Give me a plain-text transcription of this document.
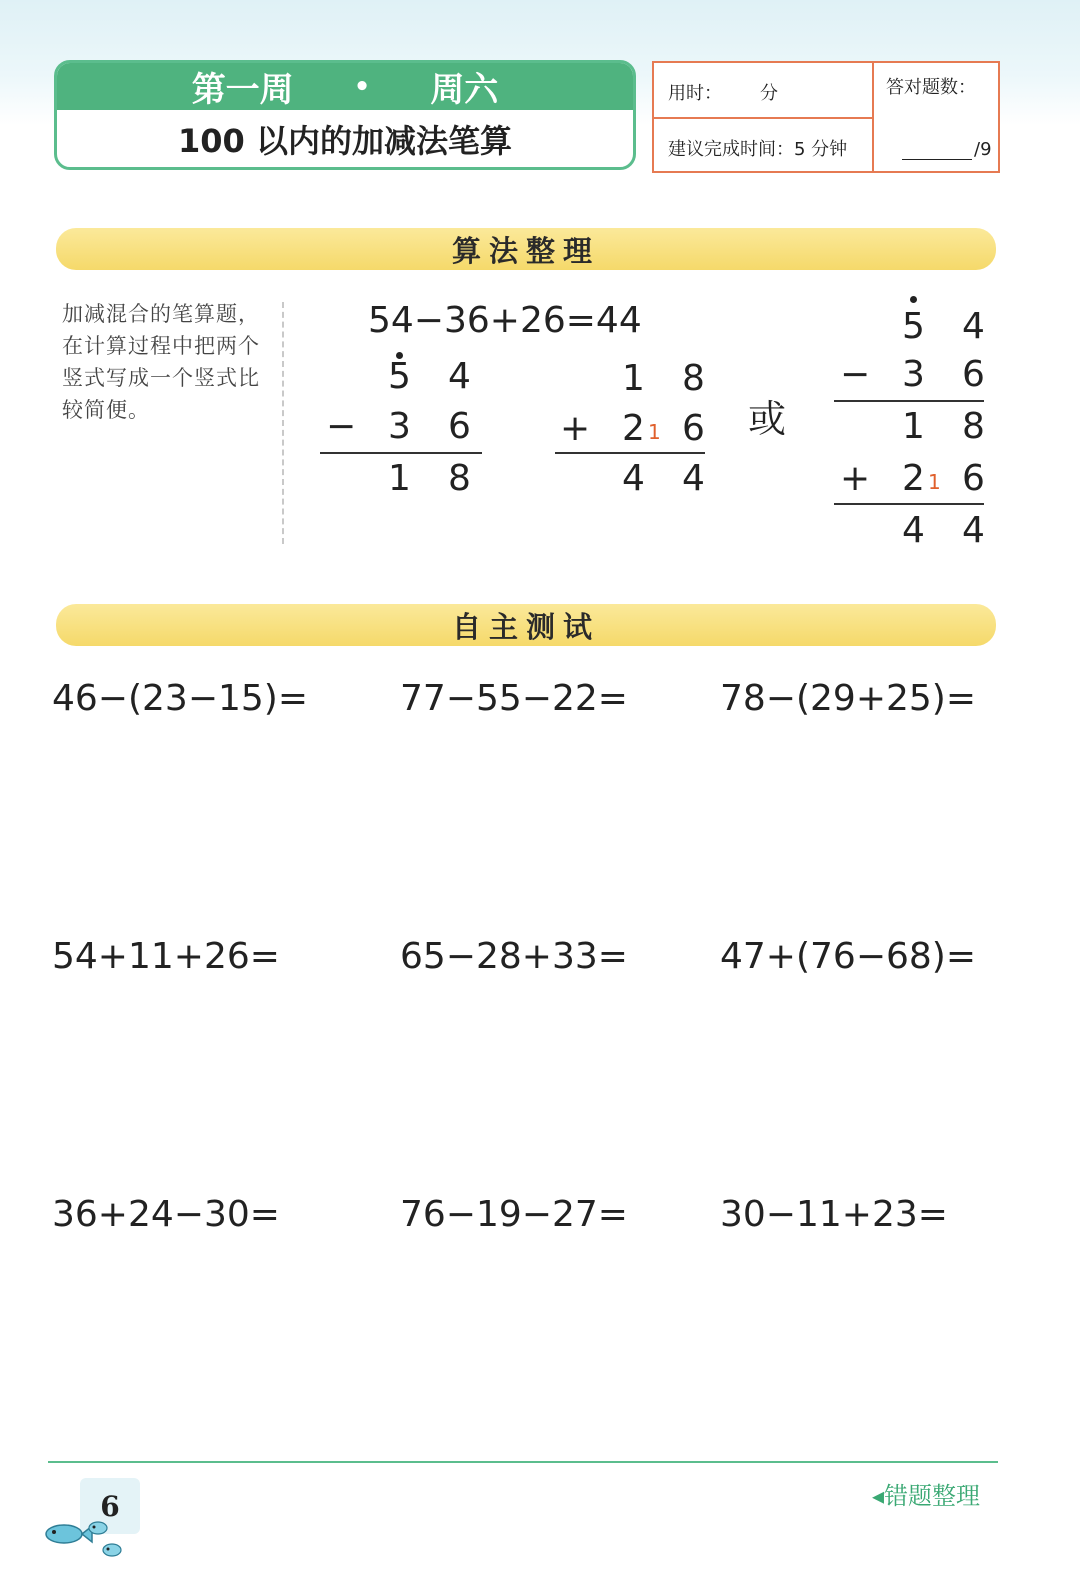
第一周 • 周六
100 以内的加减法笔算
用时： 分
建议完成时间：5 分钟
答对题数：
/9
算法整理
加减混合的笔算题，在计算过程中把两个竖式写成一个竖式比较简便。
54−36+26=44
5 4
− 3 6
1 8
1 8
+ 2 1 6
4 4
或
5 4
− 3 6
1 8
+ 2 1 6
4 4
自主测试
46−(23−15)=	77−55−22=	78−(29+25)=
54+11+26=	65−28+33=	47+(76−68)=
36+24−30=	76−19−27=	30−11+23=
6	◂错题整理
